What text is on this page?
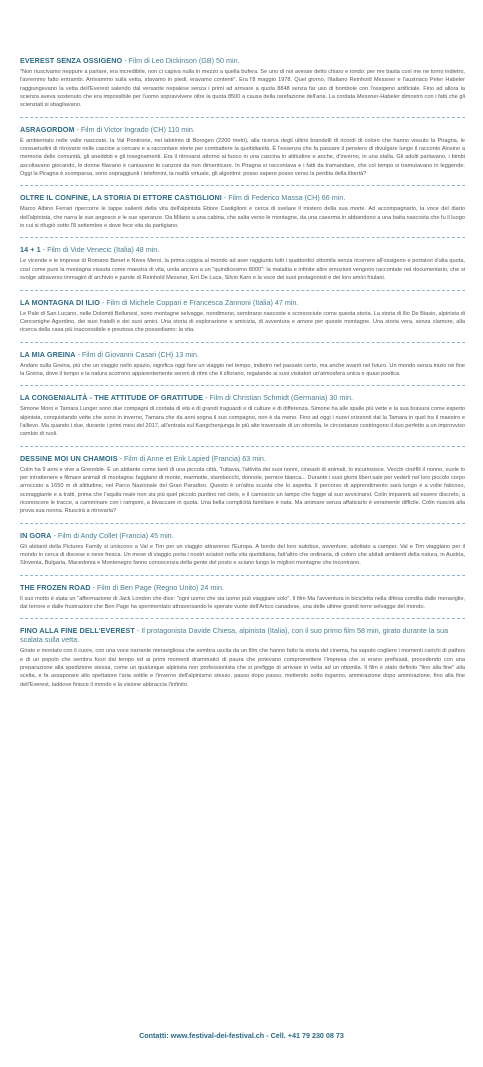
EVEREST SENZA OSSIGENO - Film di Leo Dickinson (GB) 50 min.

"Non riuscivamo neppure a parlare, era incredibile, non ci capiva nulla in mezzo a quella bufera. Se uno di noi avesse detto chiaro e tondo: per me basta così me ne torno indietro, l'avremmo fatto entrambi. Arrivammo sulla vetta, stavamo in piedi, eravamo contenti". Era l'8 maggio 1978. Quel giorno, l'italiano Reinhold Messner e l'austriaco Peter Habeler raggiungevano la vetta dell'Everest salendo dal versante nepalese senza i primi ad arrivare a quota 8848 senza far uso di bombole con l'ossigeno artificiale. Fino ad allora la scienza aveva sostenuto che era impossibile per l'uomo sopravvivere oltre la quota 8500 a causa della rarefazione dell'aria. La cordata Messner-Habeler dimostrò con i fatti che gli scienziati si sbagliavano.

ASRAGORDOM - Film di Victor Ingrado (CH) 110 min.

È ambientato nelle valle nascoste, la Val Pontirone, nel labirinto di Borogen (2200 metri), alla ricerca degli ultimi brandelli di ricordi di coloro che hanno vissuto la Piragna, le consuetudini di ritrovarsi nelle cascine a cercare e a raccontare storie per combattere la quotidianità. È l'essenza che fa passare il pensiero di divulgare lungo il racconto Alosino a memoria delle comunità, gli aneddoti e gli insegnamenti. Era il ritrovarsi attorno al fuoco in una cascina in altitudine e anche, d'inverno, in una stalla. Gli adulti parlavano, i bimbi ascoltavano giocando, le donne filavano e cantavano le canzoni da non dimenticare. In Piragna si raccontava e i fatti da tramandare, che col tempo si tramutavano in leggende. Oggi la Piragna è scomparsa, sono sopraggiunti i telefonini, la realtà virtuale, gli algoritmi: posso sapere posso verso la perdita della libertà?

OLTRE IL CONFINE, LA STORIA DI ETTORE CASTIGLIONI - Film di Federico Massa (CH) 66 min.

Marco Albino Ferrari ripercorre le tappe salienti della vita dell'alpinista Ettore Castiglioni e cerca di svelare il mistero della sua morte. Ad accompagnarlo, la voce del diario dell'alpinista, che narra le sue angosce e le sue speranze. Da Milano a una cabina, che salta verso le montagne, da una caserma in abbandono a una baita nascosta che fu il luogo in cui si rifugiò sotto l'8 settembre e dove fece vita da partigiano.

14 + 1 - Film di Vide Venecic (Italia) 48 min.

Le vicende e le imprese di Romano Benet e Nives Meroi, la prima coppia al mondo ad aver raggiunto tutti i quattordici ottomila senza ricorrere all'ossigeno e portatori d'alta quota, così come pure la montagna vissuta come maestra di vita, unita ancora a un "quindicesimo 8000": la malattia e infinite altre emozioni vengono raccontate nel documentario, che si svolge attraverso immagini di archivio e parole di Reinhold Messner, Erri De Luca, Silvio Karo e la voce dei suoi protagonisti e dei loro amici friulani.

LA MONTAGNA DI ILIO - Film di Michele Coppari e Francesca Zannoni (Italia) 47 min.

Le Pale di San Lucano, nelle Dolomiti Bellunesi, sono montagne selvagge, nondimeno, sembrano nascoste e sconosciute come questa storia. La storia di Ilio De Biasio, alpinista di Cencenighe Agordino, dei suoi fratelli e dei suoi amici. Una storia di esplorazione e amicizia, di avventura e amore per queste montagne. Una storia vera, senza clamore, alla ricerca della casa più inaccessibile e preziosa che possediamo: la vita.

LA MIA GREINA - Film di Giovanni Casari (CH) 13 min.

Andare sulla Greina, più che un viaggio nello spazio, significa oggi fare un viaggio nel tempo, indietro nel passato certo, ma anche avanti nel futuro. Un mondo senza inizio né fine la Greina, dove il tempo e la natura scorrono apparentemente sereni di ritmi che li sfiorano, regalando ai suoi visitatori un'atmosfera unica e quasi poetica.

LA CONGENIALITÀ - THE ATTITUDE OF GRATITUDE - Film di Christian Schmidt (Germania) 30 min.

Simone Moro e Tamara Lunger sono due compagni di cordata di età e di grandi traguardi e di culture e di differenza. Simone ha alle spalle più vette e la sua bravura come esperto alpinista, conquistando vette che sono in inverno, Tamara che da anni sogna il suo compagno, non è da meno. Fino ad oggi i nuovi orizzonti dai la Tamara in quel tra il maestro e l'allievo. Ma quando i due, durante i primi mesi del 2017, all'entrata sul Kangchenjunga le più alte traversate di un ottomila, le circostanze costringono il duo perfetto a un improvviso cambio di ruoli.

DESSINE MOI UN CHAMOIS - Film di Anne et Erik Lapied (Francia) 63 min.

Colin ha 9 anni e vive a Grenoble. È un abitante come tanti di una piccola città. Tuttavia, l'attività dei suoi nonni, cineasti di animali, lo incuriosisce. Vecchi cinéfili il nonno, vuole lo per intrattenere e filmare animali di montagna: faggiano di monte, marmotte, stambecchi, donnole, pernice bianca... Durante i suoi giorni liberi sale per vederli nel loro piccolo corpo arroccato a 1650 m di altitudine, nel Parco Nazionale del Gran Paradiso. Questo è un'altra scuola che lo aspetta. Il percorso di apprendimento sarà lungo e a volte faticoso, scoraggiante e a tratti, prima che l'aquila reale non sia più quel piccolo puntino nel cielo, e il camoscio un lampo che fugge al suo avvicinarsi. Colin imparerà ad essere discreto, a riconoscere le tracce, a camminare con i ramponi, a bivaccare in quota. Una bella complicità familiare è nata. Ma animare senza affaticarlo è veramente difficile. Colin riuscirà alla prova sua nonna. Riuscirà a ritrovarla?

IN GORA - Film di Andy Collet (Francia) 45 min.

Gli abitanti della Pictures Family si uniscono a Val e Tim per un viaggio attraverso l'Europa. A bordo del loro autobus, avventure, adottato a camper, Val e Tim viaggiano per il mondo in cerca di discese e neve fresca. Un mese di viaggio porta i nostri sciatori nella vita quotidiana, fatt'altro che ordinaria, di coloro che abitati ambienti della natura, in Austria, Slovenia, Bulgaria, Macedonia e Montenegro fanno conoscenza della gente del posto e sciano lungo le migliori montagne che incontrano.

THE FROZEN ROAD - Film di Ben Page (Regno Unito) 24 min.

Il suo motto è stata un "affermazione di Jack London che dice: "ogni uomo che sia uomo può viaggiare solo". Il film Ma l'avventura in bicicletta nella difesa condita dalle meraviglie, dal terrore e dalle frustrazioni che Ben Page ha sperimentato attraversando le sperate vuote dell'Artico canadese, una delle ultime grandi terre selvagge del mondo.

FINO ALLA FINE DELL'EVEREST - Il protagonista Davide Chiesa, alpinista (Italia), con il suo primo film 58 min, girato durante la sua scalata sulla vetta.

Girato e montato con il cuore, con una voce narrante meravigliosa che sembra uscita da un film che hanno fatto la storia del cinema, ha saputo cogliere i momenti carichi di pathos e di un popolo che sembra fuori dal tempo ed ai primi momenti drammatici di paura che potevano compromettere l'impresa che si erano prefissati, procedendo con una preparazione alla spedizione stessa, come un qualunque alpinista non professionista che si prefigge di arrivare in vetta ad un ottomila. Il film è stato definito "fino alla fine" alla scelta, e fa assaporare allo spettatore l'aria sottile e l'inverno dell'alpinismo stesso, passo dopo passo, mettendo sotto inganno, ammirazione dopo ammirazione, fino alla fine dell'Everest, laddove finisce il mondo e la visione abbraccia l'infinito.

Contatti: www.festival-dei-festival.ch - Cell. +41 79 230 08 73
